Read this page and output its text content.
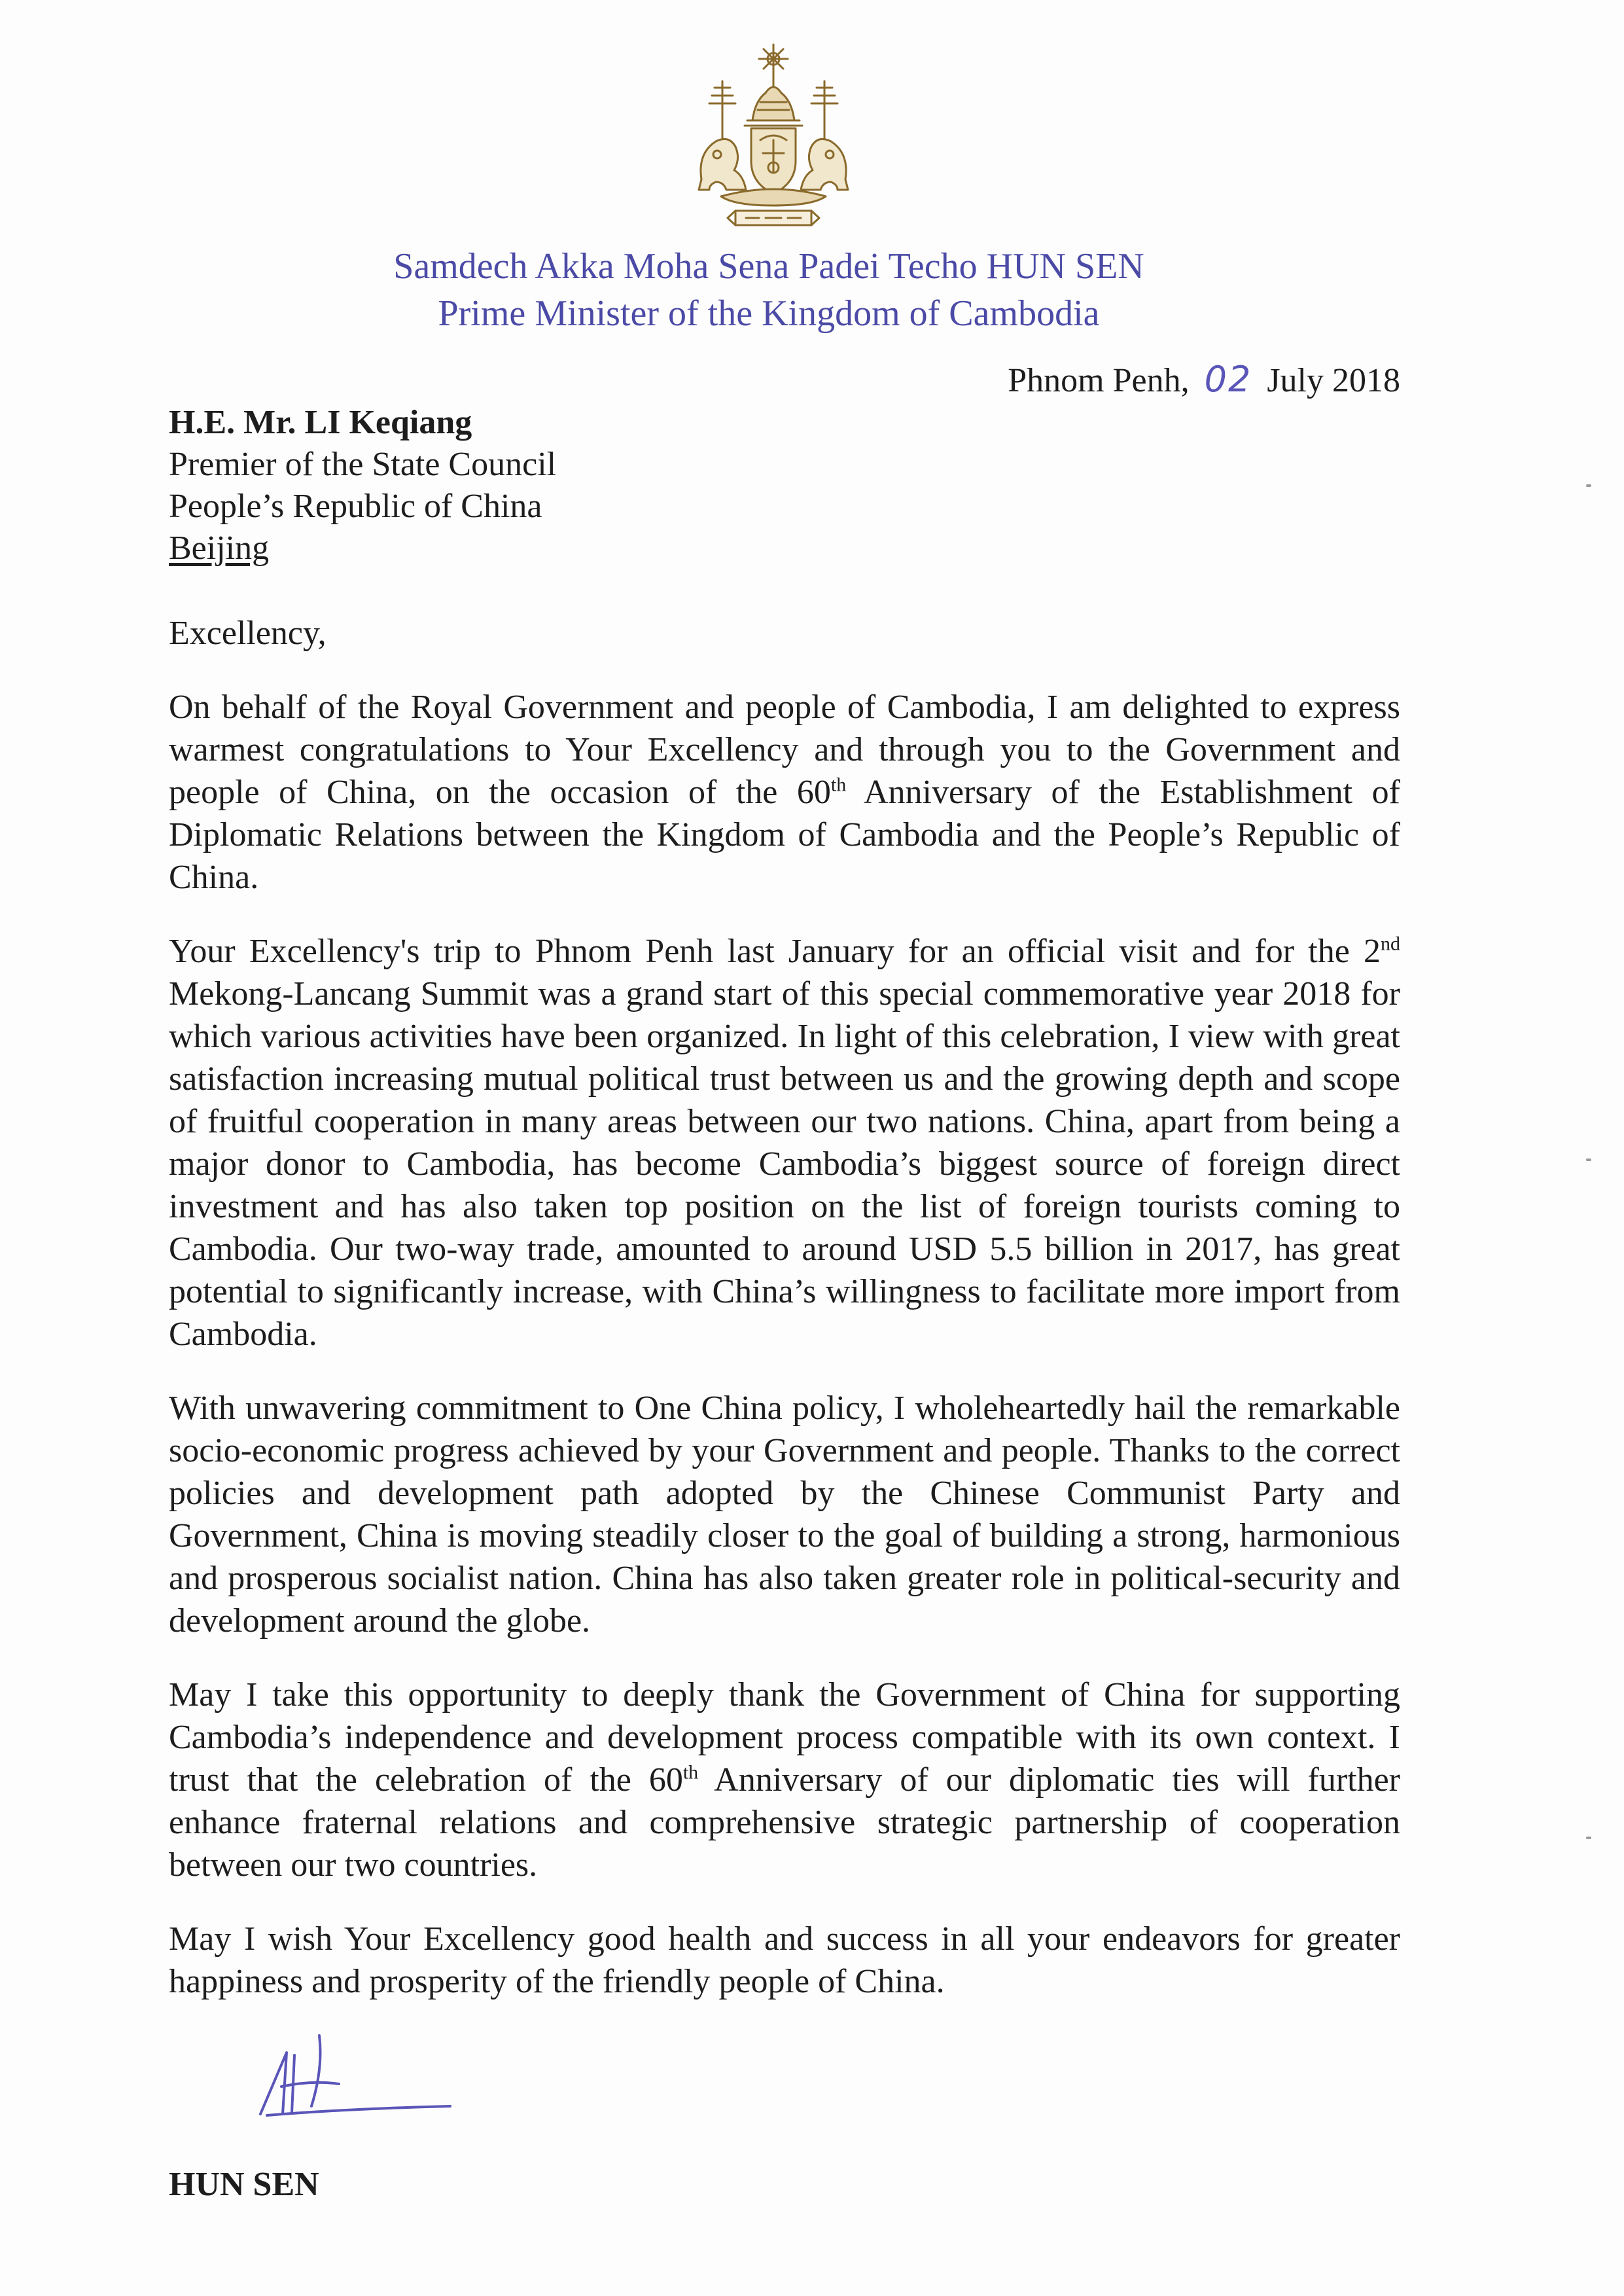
Samdech Akka Moha Sena Padei Techo HUN SEN
Prime Minister of the Kingdom of Cambodia
Phnom Penh, 02 July 2018
H.E. Mr. LI Keqiang
Premier of the State Council
People’s Republic of China
Beijing
Excellency,

On behalf of the Royal Government and people of Cambodia, I am delighted to express warmest congratulations to Your Excellency and through you to the Government and people of China, on the occasion of the 60th Anniversary of the Establishment of Diplomatic Relations between the Kingdom of Cambodia and the People’s Republic of China.

Your Excellency's trip to Phnom Penh last January for an official visit and for the 2nd Mekong-Lancang Summit was a grand start of this special commemorative year 2018 for which various activities have been organized. In light of this celebration, I view with great satisfaction increasing mutual political trust between us and the growing depth and scope of fruitful cooperation in many areas between our two nations. China, apart from being a major donor to Cambodia, has become Cambodia’s biggest source of foreign direct investment and has also taken top position on the list of foreign tourists coming to Cambodia. Our two-way trade, amounted to around USD 5.5 billion in 2017, has great potential to significantly increase, with China’s willingness to facilitate more import from Cambodia.

With unwavering commitment to One China policy, I wholeheartedly hail the remarkable socio-economic progress achieved by your Government and people. Thanks to the correct policies and development path adopted by the Chinese Communist Party and Government, China is moving steadily closer to the goal of building a strong, harmonious and prosperous socialist nation. China has also taken greater role in political-security and development around the globe.

May I take this opportunity to deeply thank the Government of China for supporting Cambodia’s independence and development process compatible with its own context. I trust that the celebration of the 60th Anniversary of our diplomatic ties will further enhance fraternal relations and comprehensive strategic partnership of cooperation between our two countries.

May I wish Your Excellency good health and success in all your endeavors for greater happiness and prosperity of the friendly people of China.

HUN SEN
